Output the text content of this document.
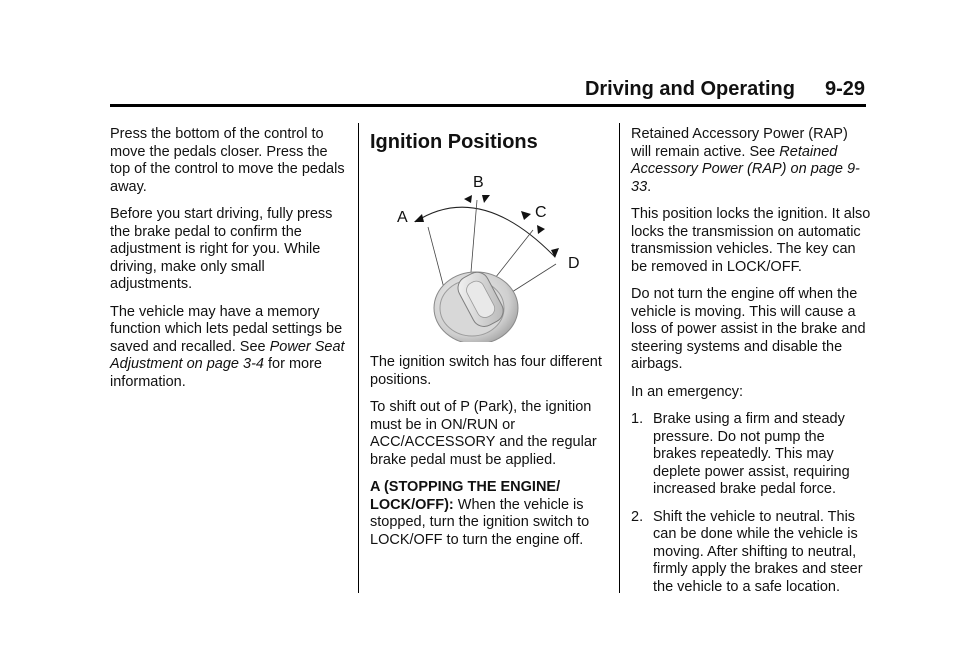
Driving and Operating 9-29

Press the bottom of the control to move the pedals closer. Press the top of the control to move the pedals away.

Before you start driving, fully press the brake pedal to confirm the adjustment is right for you. While driving, make only small adjustments.

The vehicle may have a memory function which lets pedal settings be saved and recalled. See Power Seat Adjustment on page 3-4 for more information.

Ignition Positions
A
B
C
D

The ignition switch has four different positions.

To shift out of P (Park), the ignition must be in ON/RUN or ACC/ACCESSORY and the regular brake pedal must be applied.

A (STOPPING THE ENGINE/ LOCK/OFF): When the vehicle is stopped, turn the ignition switch to LOCK/OFF to turn the engine off.

Retained Accessory Power (RAP) will remain active. See Retained Accessory Power (RAP) on page 9-33.

This position locks the ignition. It also locks the transmission on automatic transmission vehicles. The key can be removed in LOCK/OFF.

Do not turn the engine off when the vehicle is moving. This will cause a loss of power assist in the brake and steering systems and disable the airbags.

In an emergency:

1. Brake using a firm and steady pressure. Do not pump the brakes repeatedly. This may deplete power assist, requiring increased brake pedal force.
2. Shift the vehicle to neutral. This can be done while the vehicle is moving. After shifting to neutral, firmly apply the brakes and steer the vehicle to a safe location.
